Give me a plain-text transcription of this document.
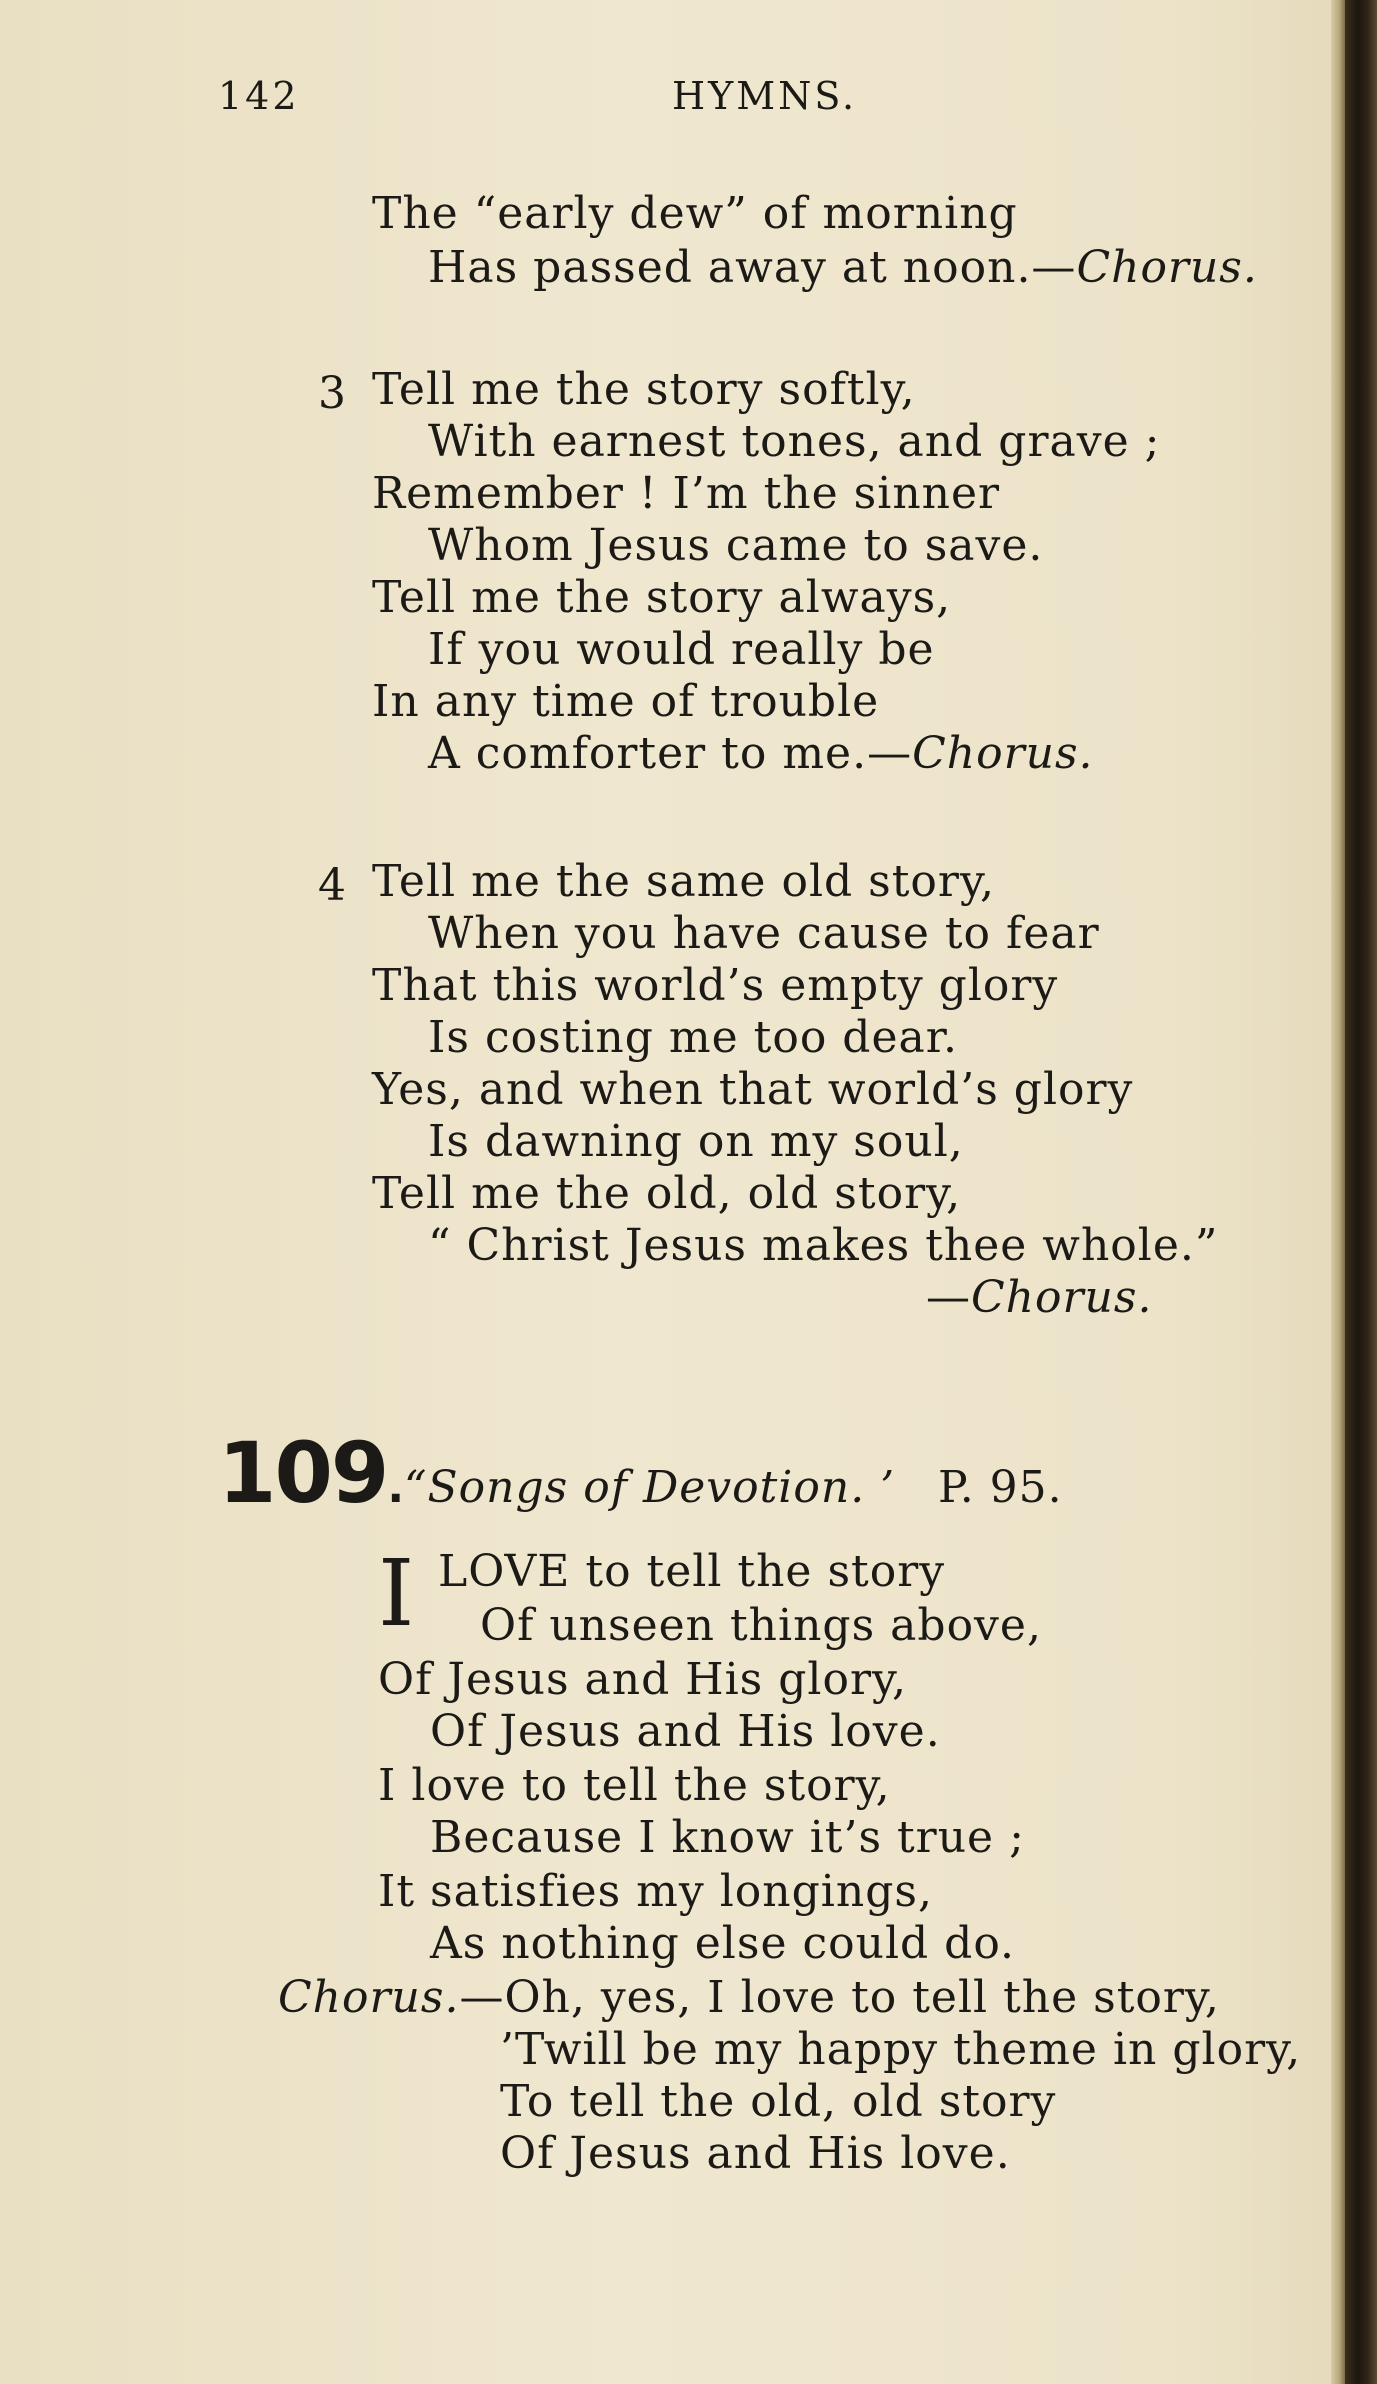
142	HYMNS.
The “early dew” of morning
Has passed away at noon.—Chorus.
3 Tell me the story softly,
With earnest tones, and grave ;
Remember ! I’m the sinner
Whom Jesus came to save.
Tell me the story always,
If you would really be
In any time of trouble
A comforter to me.—Chorus.
4 Tell me the same old story,
When you have cause to fear
That this world’s empty glory
Is costing me too dear.
Yes, and when that world’s glory
Is dawning on my soul,
Tell me the old, old story,
“ Christ Jesus makes thee whole.”
—Chorus.
109. “Songs of Devotion. ’ P. 95.
I LOVE to tell the story
Of unseen things above,
Of Jesus and His glory,
Of Jesus and His love.
I love to tell the story,
Because I know it’s true ;
It satisfies my longings,
As nothing else could do.
Chorus.—Oh, yes, I love to tell the story,
’Twill be my happy theme in glory,
To tell the old, old story
Of Jesus and His love.
